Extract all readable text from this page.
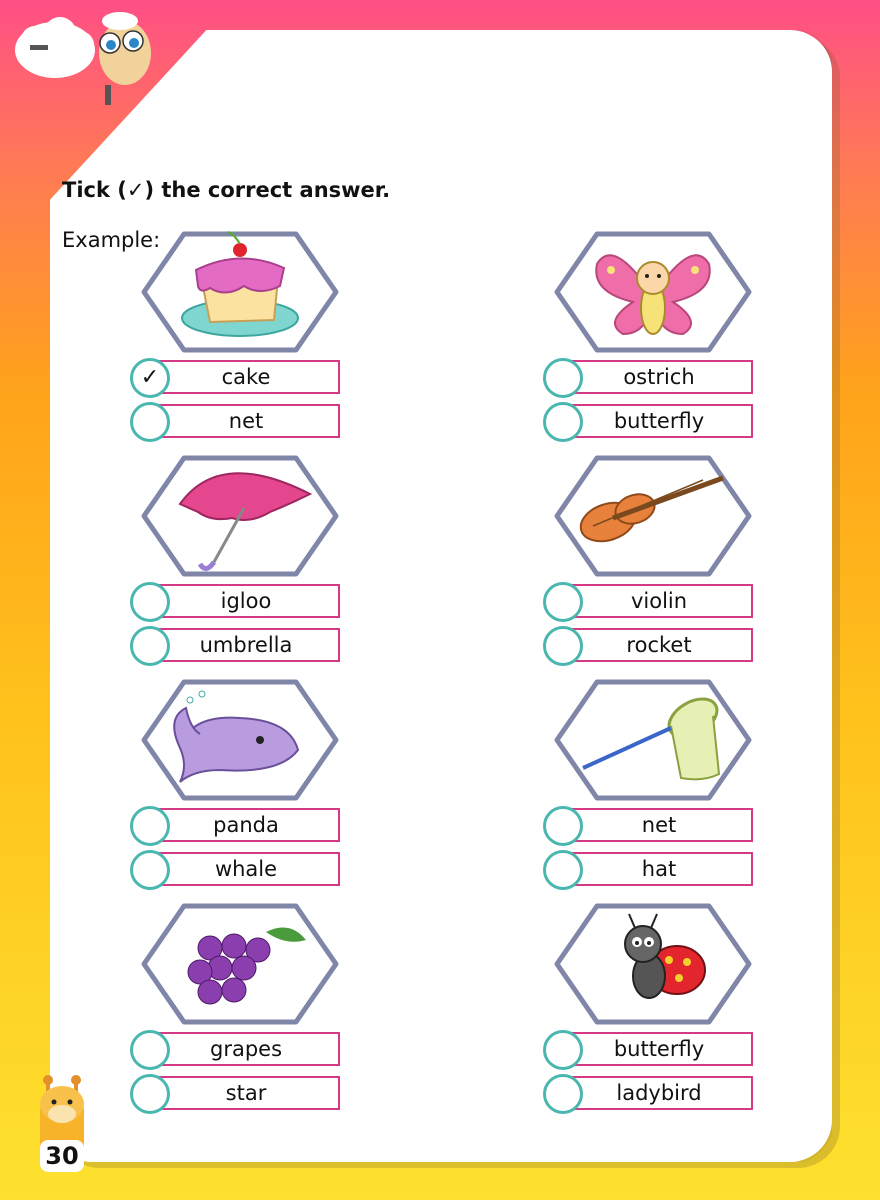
Tick (✓) the correct answer.
Example:
cake
✓
net
ostrich
butterfly
igloo
umbrella
violin
rocket
panda
whale
net
hat
grapes
star
butterfly
ladybird
30
